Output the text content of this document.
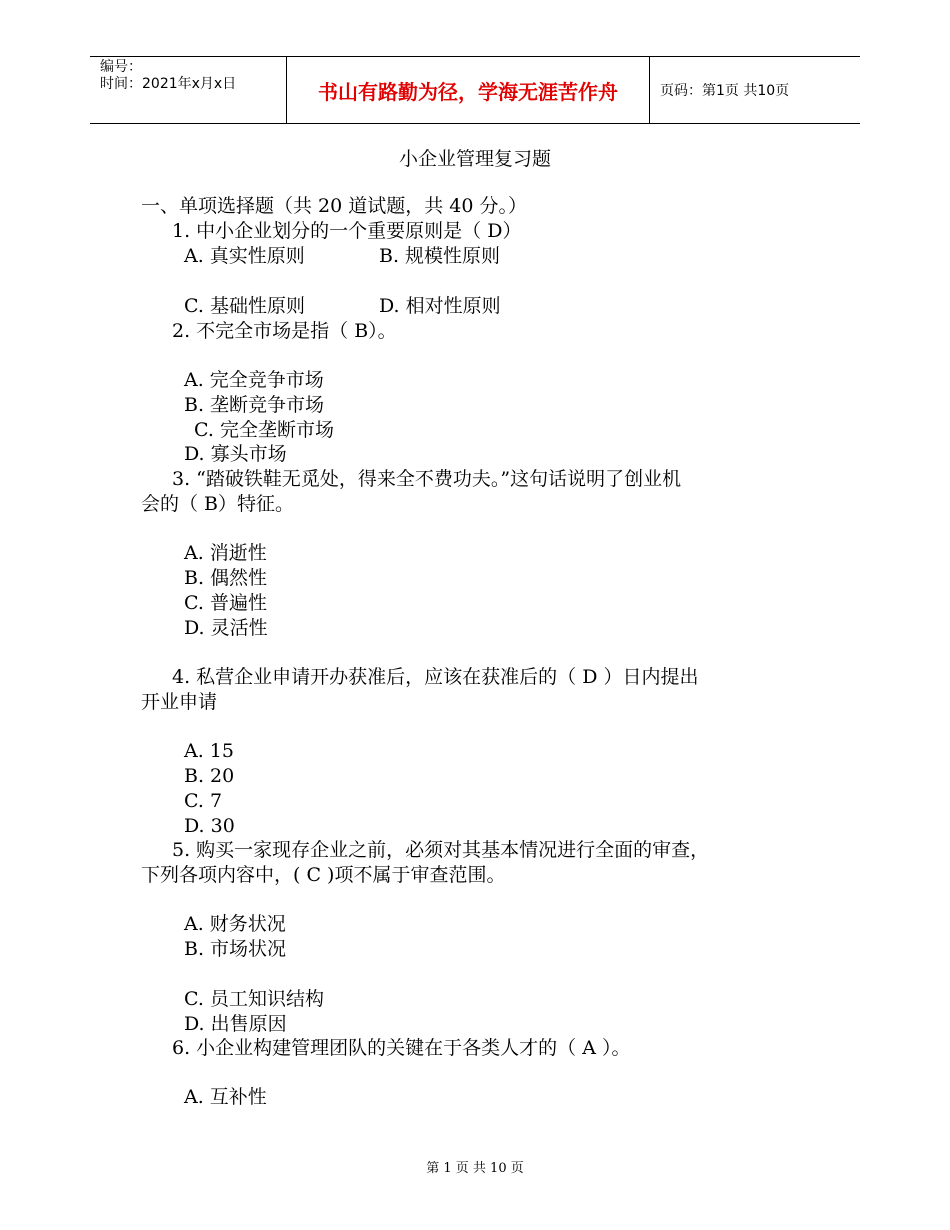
编号：
时间：2021年x月x日	书山有路勤为径，学海无涯苦作舟	页码：第1页 共10页
小企业管理复习题
一、单项选择题（共 20 道试题，共 40 分。）
1. 中小企业划分的一个重要原则是（ D）
A. 真实性原则	B. 规模性原则
C. 基础性原则	D. 相对性原则
2. 不完全市场是指（ B）。
A. 完全竞争市场
B. 垄断竞争市场
C. 完全垄断市场
D. 寡头市场
3. “踏破铁鞋无觅处，得来全不费功夫。”这句话说明了创业机
会的（ B）特征。
A. 消逝性
B. 偶然性
C. 普遍性
D. 灵活性
4. 私营企业申请开办获准后，应该在获准后的（ D ）日内提出
开业申请
A. 15
B. 20
C. 7
D. 30
5. 购买一家现存企业之前，必须对其基本情况进行全面的审查，
下列各项内容中，( C )项不属于审查范围。
A. 财务状况
B. 市场状况
C. 员工知识结构
D. 出售原因
6. 小企业构建管理团队的关键在于各类人才的（ A ）。
A. 互补性
第 1 页 共 10 页
